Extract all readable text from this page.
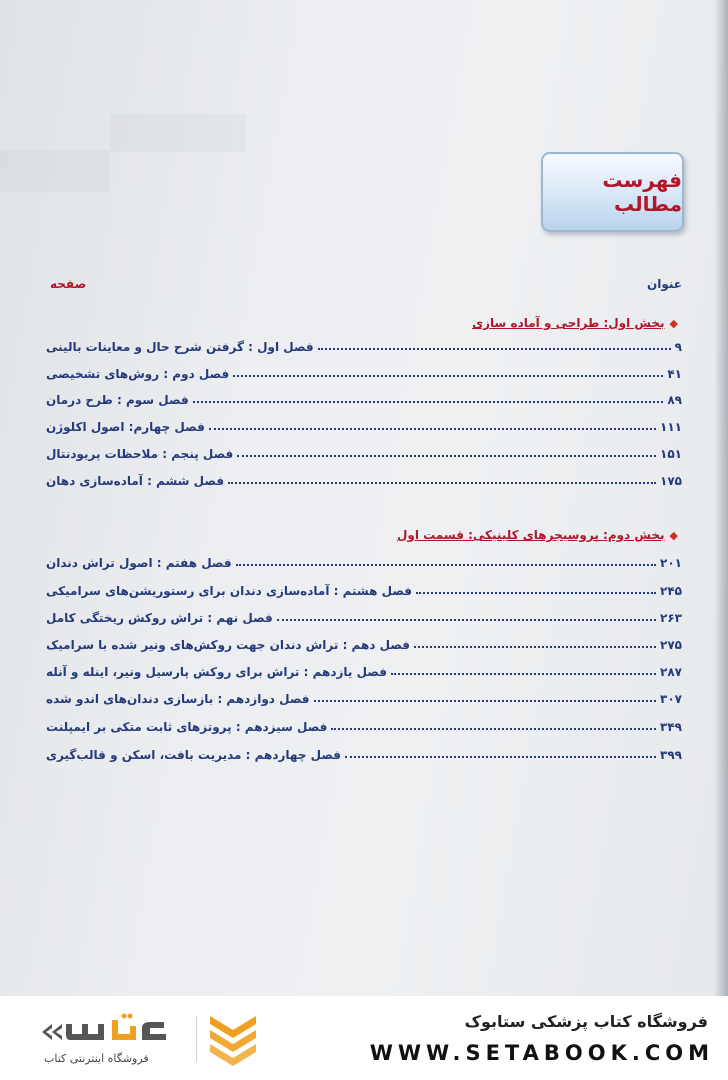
فهرست مطالب
عنوان
صفحه
◆بخش اول: طراحی و آماده سازی
فصل اول : گرفتن شرح حال و معاینات بالینی	۹
فصل دوم : روش‌های تشخیصی	۴۱
فصل سوم : طرح درمان	۸۹
فصل چهارم: اصول اکلوژن	۱۱۱
فصل پنجم : ملاحظات پریودنتال	۱۵۱
فصل ششم : آماده‌سازی دهان	۱۷۵
◆بخش دوم: پروسیجرهای کلینیکی: قسمت اول
فصل هفتم : اصول تراش دندان	۲۰۱
فصل هشتم : آماده‌سازی دندان برای رستوریشن‌های سرامیکی	۲۴۵
فصل نهم : تراش روکش ریختگی کامل	۲۶۳
فصل دهم : تراش دندان جهت روکش‌های ونیر شده با سرامیک	۲۷۵
فصل یازدهم : تراش برای روکش پارسیل ونیر، اینله و آنله	۲۸۷
فصل دوازدهم : بازسازی دندان‌های اندو شده	۳۰۷
فصل سیزدهم : پروتزهای ثابت متکی بر ایمپلنت	۳۴۹
فصل چهاردهم : مدیریت بافت، اسکن و قالب‌گیری	۳۹۹
فروشگاه کتاب پزشکی ستابوک
WWW.SETABOOK.COM
فروشگاه اینترنتی کتاب
